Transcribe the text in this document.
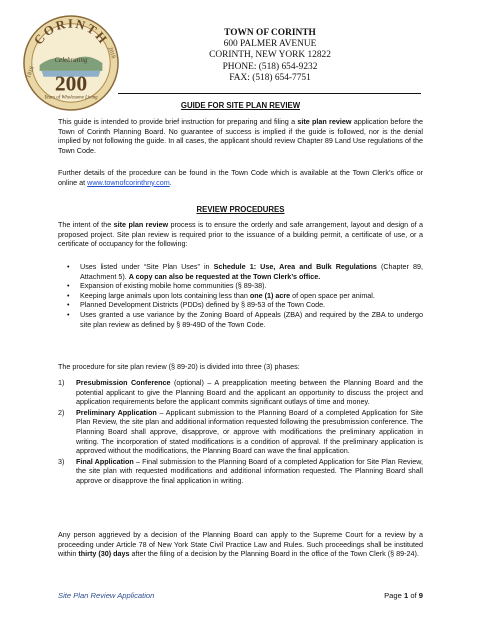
CORINTH
Celebrating
200
Years of Wholesome Living
1818
2018
TOWN OF CORINTH
600 PALMER AVENUE
CORINTH, NEW YORK 12822
PHONE: (518) 654-9232
FAX: (518) 654-7751
GUIDE FOR SITE PLAN REVIEW
This guide is intended to provide brief instruction for preparing and filing a site plan review application before the Town of Corinth Planning Board. No guarantee of success is implied if the guide is followed, nor is the denial implied by not following the guide. In all cases, the applicant should review Chapter 89 Land Use regulations of the Town Code.
Further details of the procedure can be found in the Town Code which is available at the Town Clerk’s office or online at www.townofcorinthny.com.
REVIEW PROCEDURES
The intent of the site plan review process is to ensure the orderly and safe arrangement, layout and design of a proposed project. Site plan review is required prior to the issuance of a building permit, a certificate of use, or a certificate of occupancy for the following:
• Uses listed under “Site Plan Uses” in Schedule 1: Use, Area and Bulk Regulations (Chapter 89, Attachment 5). A copy can also be requested at the Town Clerk’s office.
• Expansion of existing mobile home communities (§ 89-38).
• Keeping large animals upon lots containing less than one (1) acre of open space per animal.
• Planned Development Districts (PDDs) defined by § 89-53 of the Town Code.
• Uses granted a use variance by the Zoning Board of Appeals (ZBA) and required by the ZBA to undergo site plan review as defined by § 89-49D of the Town Code.
The procedure for site plan review (§ 89-20) is divided into three (3) phases:
1) Presubmission Conference (optional) – A preapplication meeting between the Planning Board and the potential applicant to give the Planning Board and the applicant an opportunity to discuss the project and application requirements before the applicant commits significant outlays of time and money.
2) Preliminary Application – Applicant submission to the Planning Board of a completed Application for Site Plan Review, the site plan and additional information requested following the presubmission conference. The Planning Board shall approve, disapprove, or approve with modifications the preliminary application in writing. The incorporation of stated modifications is a condition of approval. If the preliminary application is approved without the modifications, the Planning Board can wave the final application.
3) Final Application – Final submission to the Planning Board of a completed Application for Site Plan Review, the site plan with requested modifications and additional information requested. The Planning Board shall approve or disapprove the final application in writing.
Any person aggrieved by a decision of the Planning Board can apply to the Supreme Court for a review by a proceeding under Article 78 of New York State Civil Practice Law and Rules. Such proceedings shall be instituted within thirty (30) days after the filing of a decision by the Planning Board in the office of the Town Clerk (§ 89-24).
Site Plan Review Application	Page 1 of 9
